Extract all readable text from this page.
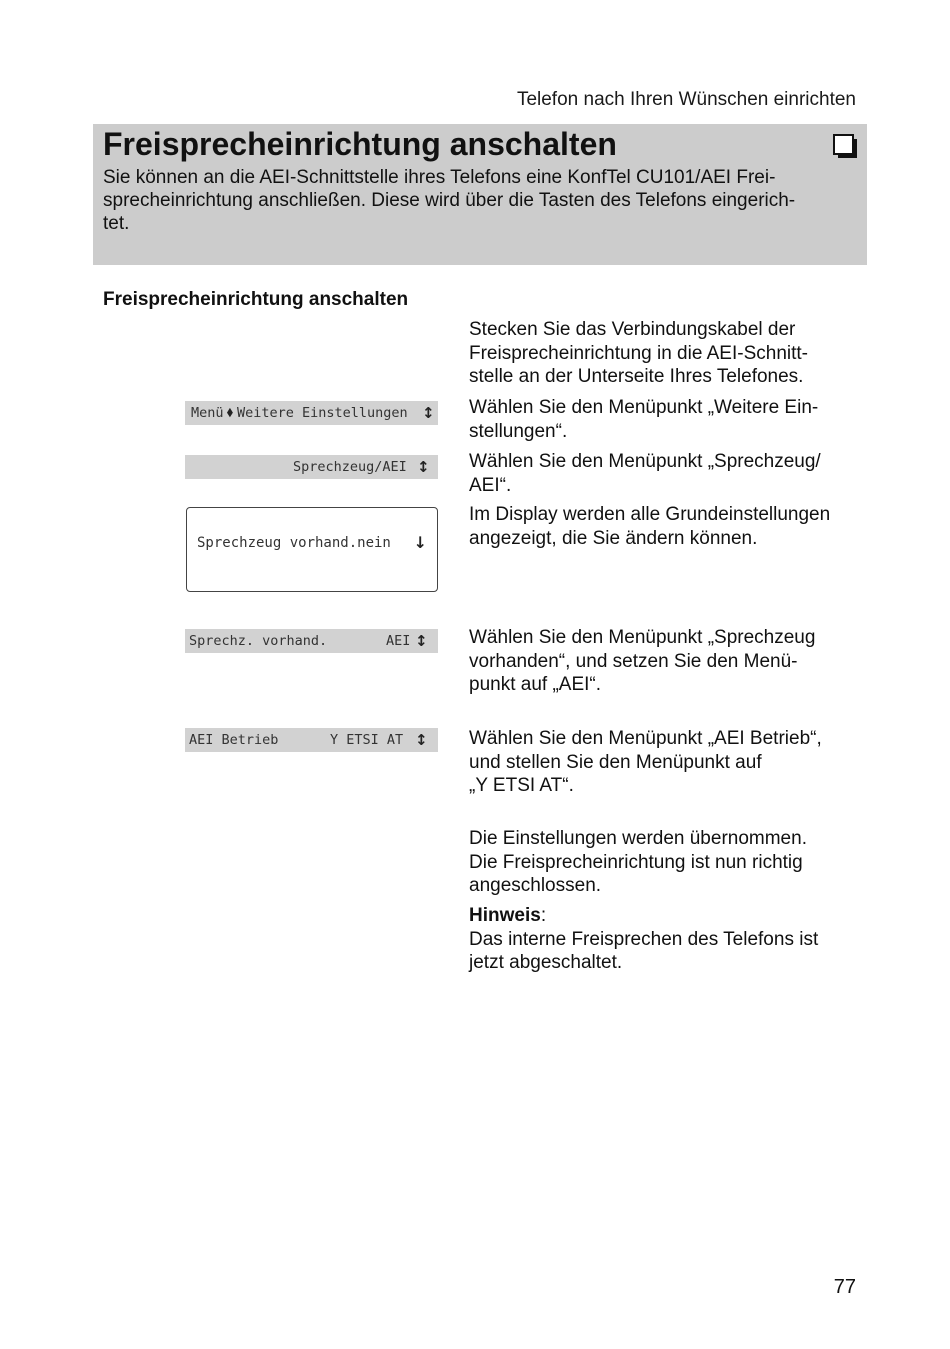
Telefon nach Ihren Wünschen einrichten
Freisprecheinrichtung anschalten
Sie können an die AEI-Schnittstelle ihres Telefons eine KonfTel CU101/AEI Frei-
sprecheinrichtung anschließen. Diese wird über die Tasten des Telefons eingerich-
tet.
Freisprecheinrichtung anschalten
Stecken Sie das Verbindungskabel der
Freisprecheinrichtung in die AEI-Schnitt-
stelle an der Unterseite Ihres Telefones.

Menü

⬧

Weitere Einstellungen

↕ Wählen Sie den Menüpunkt „Weitere Ein-
stellungen“.

Sprechzeug/AEI

↕ Wählen Sie den Menüpunkt „Sprechzeug/
AEI“.
Sprechzeug vorhand.nein ↓
Im Display werden alle Grundeinstellungen
angezeigt, die Sie ändern können.

Sprechz. vorhand.

	AEI

↕ Wählen Sie den Menüpunkt „Sprechzeug
vorhanden“, und setzen Sie den Menü-
punkt auf „AEI“.

AEI Betrieb

	Y ETSI AT

↕ Wählen Sie den Menüpunkt „AEI Betrieb“,
und stellen Sie den Menüpunkt auf
„Y ETSI AT“.
Die Einstellungen werden übernommen.
Die Freisprecheinrichtung ist nun richtig
angeschlossen.
Hinweis:
Das interne Freisprechen des Telefons ist
jetzt abgeschaltet.
77
